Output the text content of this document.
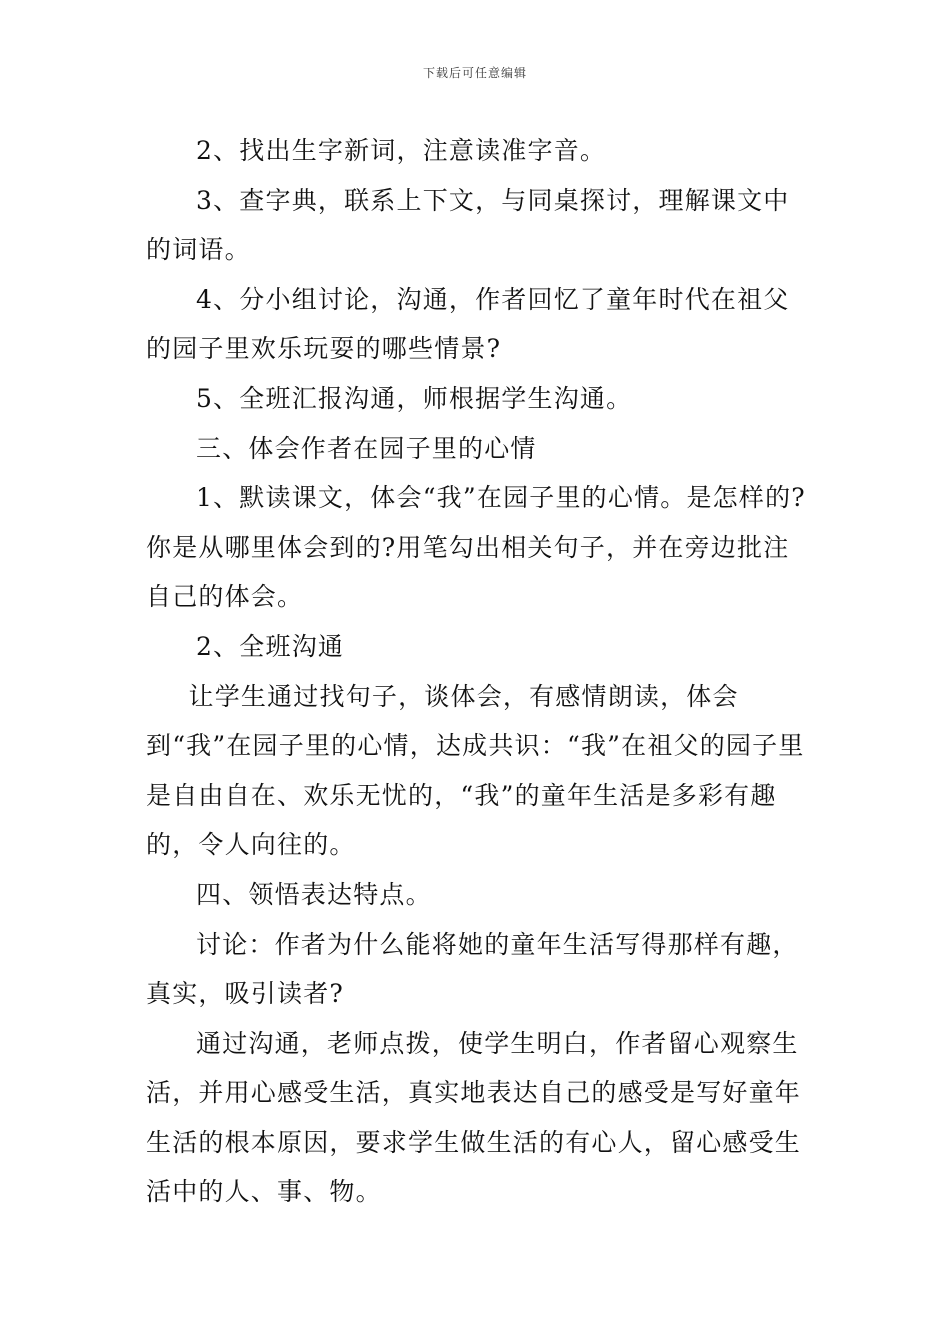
下载后可任意编辑

2、找出生字新词，注意读准字音。

3、查字典，联系上下文，与同桌探讨，理解课文中的词语。

4、分小组讨论，沟通，作者回忆了童年时代在祖父的园子里欢乐玩耍的哪些情景?

5、全班汇报沟通，师根据学生沟通。

三、体会作者在园子里的心情

1、默读课文，体会“我”在园子里的心情。是怎样的?你是从哪里体会到的?用笔勾出相关句子，并在旁边批注自己的体会。

2、全班沟通

让学生通过找句子，谈体会，有感情朗读，体会到“我”在园子里的心情，达成共识：“我”在祖父的园子里是自由自在、欢乐无忧的，“我”的童年生活是多彩有趣的，令人向往的。

四、领悟表达特点。

讨论：作者为什么能将她的童年生活写得那样有趣，真实，吸引读者?

通过沟通，老师点拨，使学生明白，作者留心观察生活，并用心感受生活，真实地表达自己的感受是写好童年生活的根本原因，要求学生做生活的有心人，留心感受生活中的人、事、物。
